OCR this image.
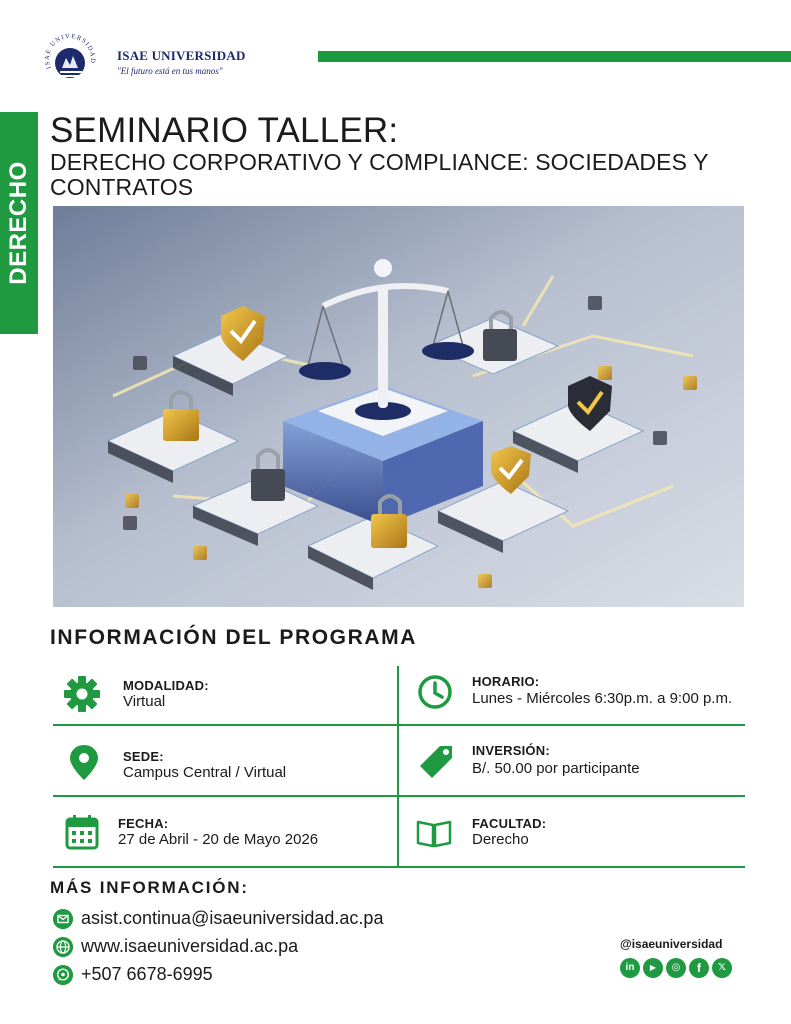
ISAE UNIVERSIDAD ISAE UNIVERSIDAD
"El futuro está en tus manos"
DERECHO
SEMINARIO TALLER:
DERECHO CORPORATIVO Y COMPLIANCE: SOCIEDADES Y CONTRATOS
INFORMACIÓN DEL PROGRAMA
MODALIDAD:
Virtual
HORARIO:
Lunes - Miércoles 6:30p.m. a 9:00 p.m.
SEDE:
Campus Central / Virtual
INVERSIÓN:
B/. 50.00 por participante
FECHA:
27 de Abril - 20 de Mayo 2026
FACULTAD:
Derecho
MÁS INFORMACIÓN:
asist.continua@isaeuniversidad.ac.pa
www.isaeuniversidad.ac.pa
+507 6678-6995
@isaeuniversidad
in	▶	◎	f	𝕏
